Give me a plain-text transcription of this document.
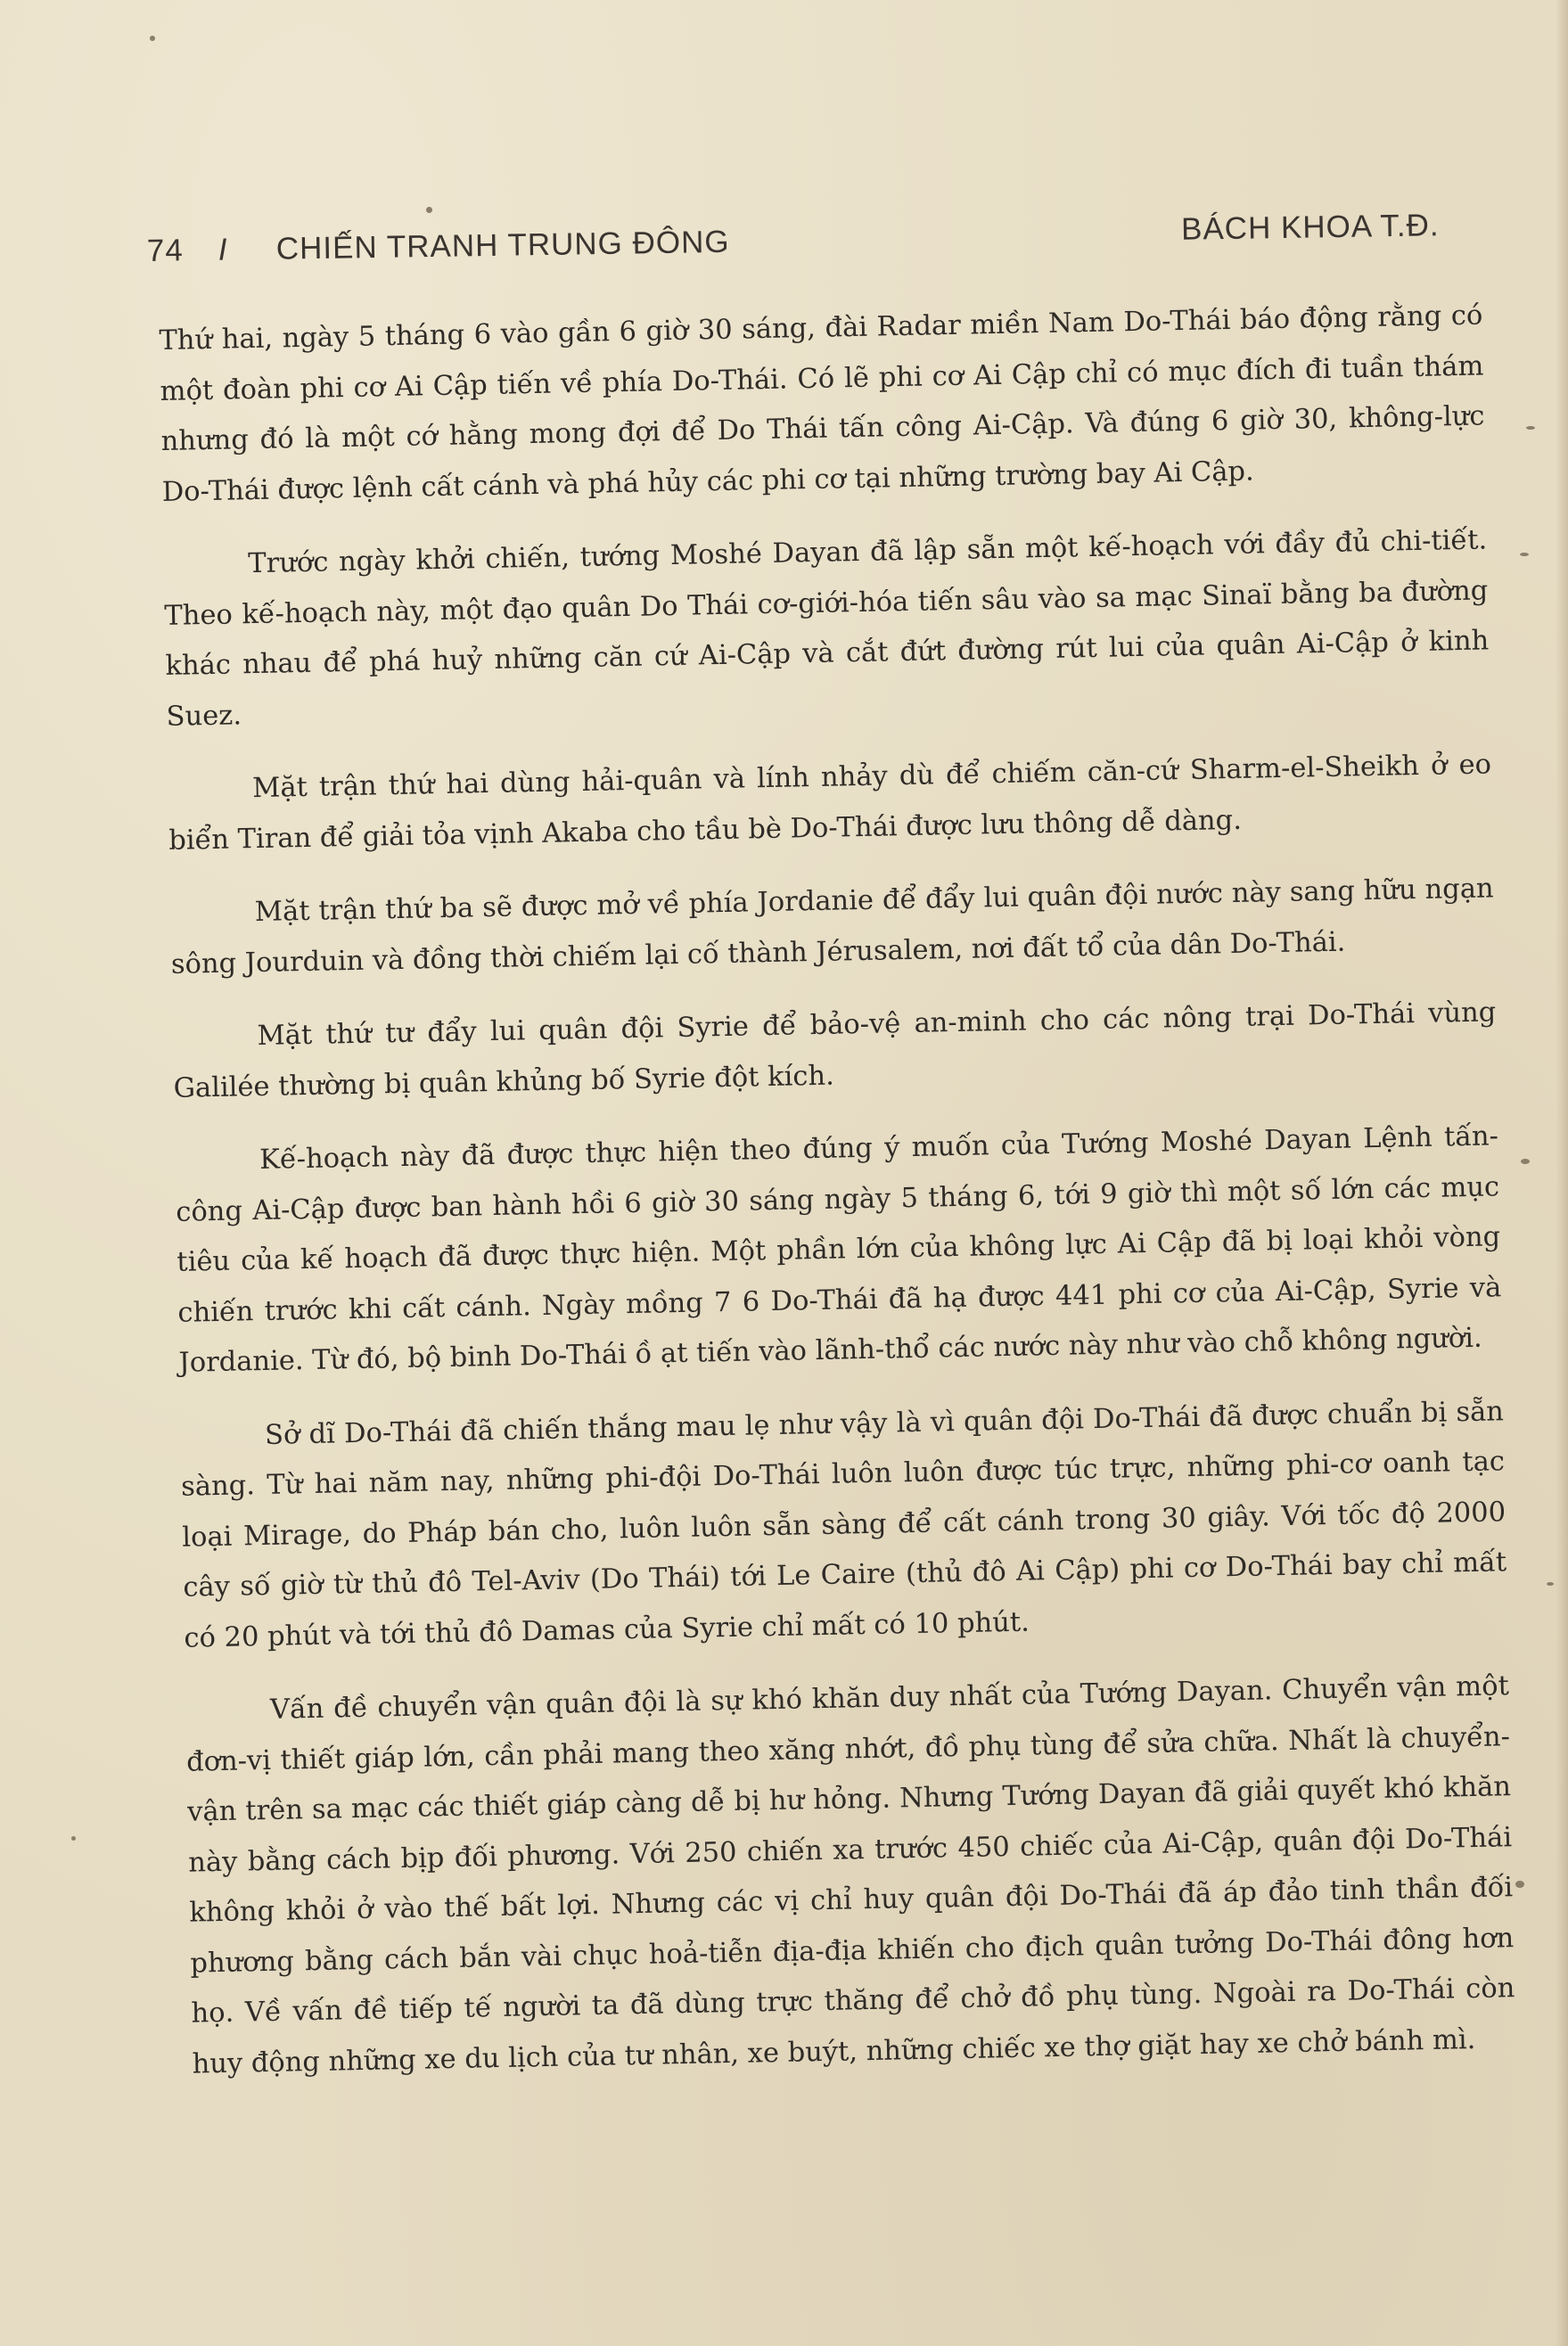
74 I CHIẾN TRANH TRUNG ĐÔNG	BÁCH KHOA T.Đ.

Thứ hai, ngày 5 tháng 6 vào gần 6 giờ 30 sáng, đài Radar miền Nam Do-Thái báo động rằng có một đoàn phi cơ Ai Cập tiến về phía Do-Thái. Có lẽ phi cơ Ai Cập chỉ có mục đích đi tuần thám nhưng đó là một cớ hằng mong đợi để Do Thái tấn công Ai-Cập. Và đúng 6 giờ 30, không-lực Do-Thái được lệnh cất cánh và phá hủy các phi cơ tại những trường bay Ai Cập.

Trước ngày khởi chiến, tướng Moshé Dayan đã lập sẵn một kế-hoạch với đầy đủ chi-tiết. Theo kế-hoạch này, một đạo quân Do Thái cơ-giới-hóa tiến sâu vào sa mạc Sinaï bằng ba đường khác nhau để phá huỷ những căn cứ Ai-Cập và cắt đứt đường rút lui của quân Ai-Cập ở kinh Suez.

Mặt trận thứ hai dùng hải-quân và lính nhảy dù để chiếm căn-cứ Sharm-el-Sheikh ở eo biển Tiran để giải tỏa vịnh Akaba cho tầu bè Do-Thái được lưu thông dễ dàng.

Mặt trận thứ ba sẽ được mở về phía Jordanie để đẩy lui quân đội nước này sang hữu ngạn sông Jourduin và đồng thời chiếm lại cố thành Jérusalem, nơi đất tổ của dân Do-Thái.

Mặt thứ tư đẩy lui quân đội Syrie để bảo-vệ an-minh cho các nông trại Do-Thái vùng Galilée thường bị quân khủng bố Syrie đột kích.

Kế-hoạch này đã được thực hiện theo đúng ý muốn của Tướng Moshé Dayan Lệnh tấn-công Ai-Cập được ban hành hồi 6 giờ 30 sáng ngày 5 tháng 6, tới 9 giờ thì một số lớn các mục tiêu của kế hoạch đã được thực hiện. Một phần lớn của không lực Ai Cập đã bị loại khỏi vòng chiến trước khi cất cánh. Ngày mồng 7 6 Do-Thái đã hạ được 441 phi cơ của Ai-Cập, Syrie và Jordanie. Từ đó, bộ binh Do-Thái ồ ạt tiến vào lãnh-thổ các nước này như vào chỗ không người.

Sở dĩ Do-Thái đã chiến thắng mau lẹ như vậy là vì quân đội Do-Thái đã được chuẩn bị sẵn sàng. Từ hai năm nay, những phi-đội Do-Thái luôn luôn được túc trực, những phi-cơ oanh tạc loại Mirage, do Pháp bán cho, luôn luôn sẵn sàng để cất cánh trong 30 giây. Với tốc độ 2000 cây số giờ từ thủ đô Tel-Aviv (Do Thái) tới Le Caire (thủ đô Ai Cập) phi cơ Do-Thái bay chỉ mất có 20 phút và tới thủ đô Damas của Syrie chỉ mất có 10 phút.

Vấn đề chuyển vận quân đội là sự khó khăn duy nhất của Tướng Dayan. Chuyển vận một đơn-vị thiết giáp lớn, cần phải mang theo xăng nhớt, đồ phụ tùng để sửa chữa. Nhất là chuyển-vận trên sa mạc các thiết giáp càng dễ bị hư hỏng. Nhưng Tướng Dayan đã giải quyết khó khăn này bằng cách bịp đối phương. Với 250 chiến xa trước 450 chiếc của Ai-Cập, quân đội Do-Thái không khỏi ở vào thế bất lợi. Nhưng các vị chỉ huy quân đội Do-Thái đã áp đảo tinh thần đối phương bằng cách bắn vài chục hoả-tiễn địa-địa khiến cho địch quân tưởng Do-Thái đông hơn họ. Về vấn đề tiếp tế người ta đã dùng trực thăng để chở đồ phụ tùng. Ngoài ra Do-Thái còn huy động những xe du lịch của tư nhân, xe buýt, những chiếc xe thợ giặt hay xe chở bánh mì.
